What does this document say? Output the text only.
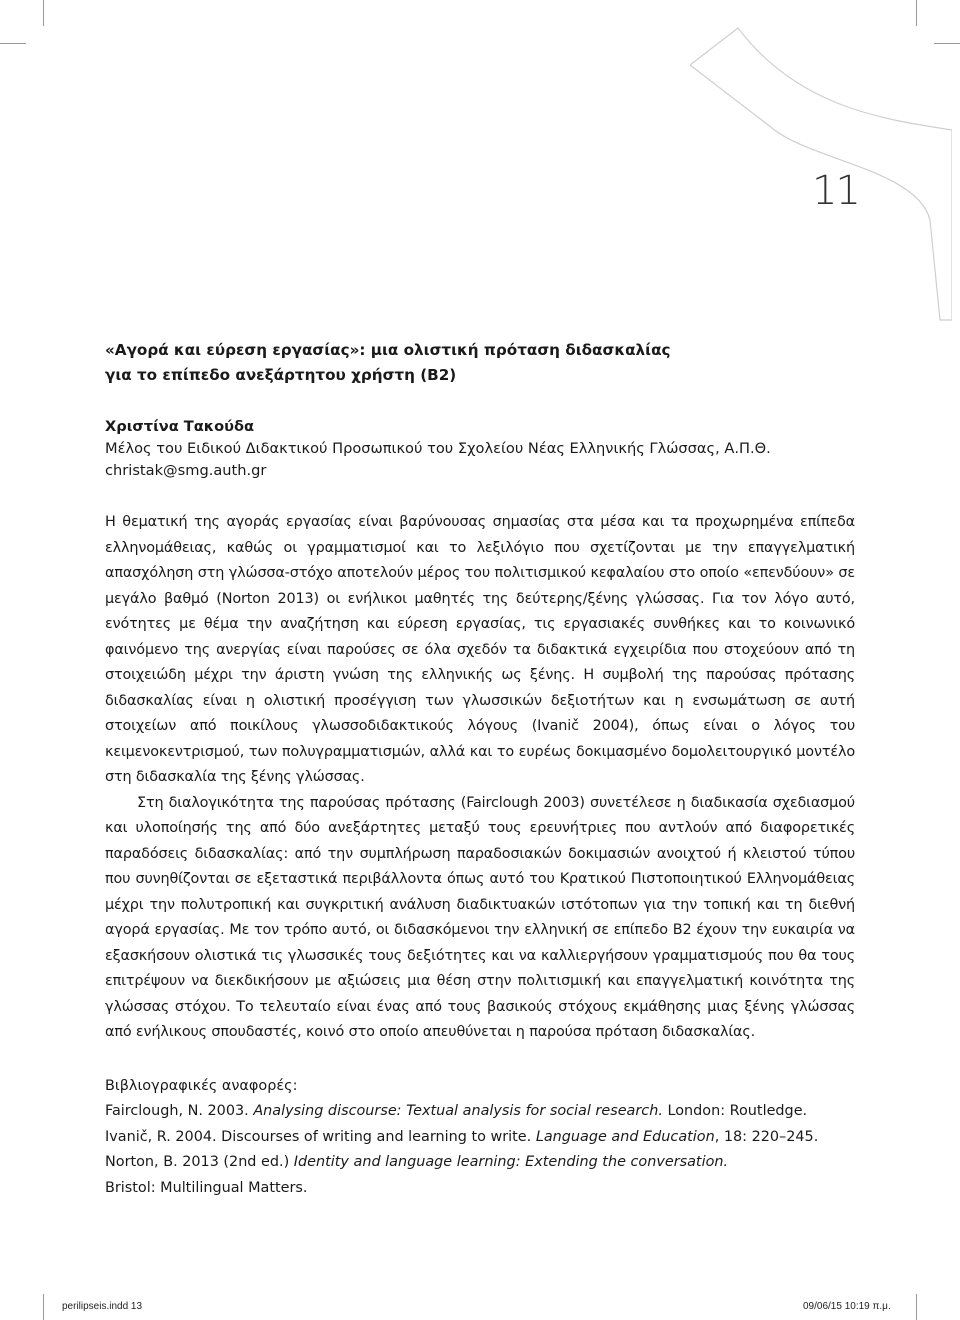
11
«Αγορά και εύρεση εργασίας»: μια ολιστική πρόταση διδασκαλίας
για το επίπεδο ανεξάρτητου χρήστη (Β2)
Χριστίνα Τακούδα
Μέλος του Ειδικού Διδακτικού Προσωπικού του Σχολείου Νέας Ελληνικής Γλώσσας, Α.Π.Θ.
christak@smg.auth.gr

Η θεματική της αγοράς εργασίας είναι βαρύνουσας σημασίας στα μέσα και τα προχωρημένα επίπεδα ελληνομάθειας, καθώς οι γραμματισμοί και το λεξιλόγιο που σχετίζονται με την επαγγελματική απασχόληση στη γλώσσα-στόχο αποτελούν μέρος του πολιτισμικού κεφαλαίου στο οποίο «επενδύουν» σε μεγάλο βαθμό (Norton 2013) οι ενήλικοι μαθητές της δεύτερης/ξένης γλώσσας. Για τον λόγο αυτό, ενότητες με θέμα την αναζήτηση και εύρεση εργασίας, τις εργασιακές συνθήκες και το κοινωνικό φαινόμενο της ανεργίας είναι παρούσες σε όλα σχεδόν τα διδακτικά εγχειρίδια που στοχεύουν από τη στοιχειώδη μέχρι την άριστη γνώση της ελληνικής ως ξένης. Η συμβολή της παρούσας πρότασης διδασκαλίας είναι η ολιστική προσέγγιση των γλωσσικών δεξιοτήτων και η ενσωμάτωση σε αυτή στοιχείων από ποικίλους γλωσσοδιδακτικούς λόγους (Ivanič 2004), όπως είναι ο λόγος του κειμενοκεντρισμού, των πολυγραμματισμών, αλλά και το ευρέως δοκιμασμένο δομολειτουργικό μοντέλο στη διδασκαλία της ξένης γλώσσας.

Στη διαλογικότητα της παρούσας πρότασης (Fairclough 2003) συνετέλεσε η διαδικασία σχεδιασμού και υλοποίησής της από δύο ανεξάρτητες μεταξύ τους ερευνήτριες που αντλούν από διαφορετικές παραδόσεις διδασκαλίας: από την συμπλήρωση παραδοσιακών δοκιμασιών ανοιχτού ή κλειστού τύπου που συνηθίζονται σε εξεταστικά περιβάλλοντα όπως αυτό του Κρατικού Πιστοποιητικού Ελληνομάθειας μέχρι την πολυτροπική και συγκριτική ανάλυση διαδικτυακών ιστότοπων για την τοπική και τη διεθνή αγορά εργασίας. Με τον τρόπο αυτό, οι διδασκόμενοι την ελληνική σε επίπεδο Β2 έχουν την ευκαιρία να εξασκήσουν ολιστικά τις γλωσσικές τους δεξιότητες και να καλλιεργήσουν γραμματισμούς που θα τους επιτρέψουν να διεκδικήσουν με αξιώσεις μια θέση στην πολιτισμική και επαγγελματική κοινότητα της γλώσσας στόχου. Το τελευταίο είναι ένας από τους βασικούς στόχους εκμάθησης μιας ξένης γλώσσας από ενήλικους σπουδαστές, κοινό στο οποίο απευθύνεται η παρούσα πρόταση διδασκαλίας.

Βιβλιογραφικές αναφορές:
Fairclough, N. 2003. Analysing discourse: Textual analysis for social research. London: Routledge.
Ivanič, R. 2004. Discourses of writing and learning to write. Language and Education, 18: 220–245.
Norton, B. 2013 (2nd ed.) Identity and language learning: Extending the conversation.
Bristol: Multilingual Matters.
perilipseis.indd 13	09/06/15 10:19 π.μ.
